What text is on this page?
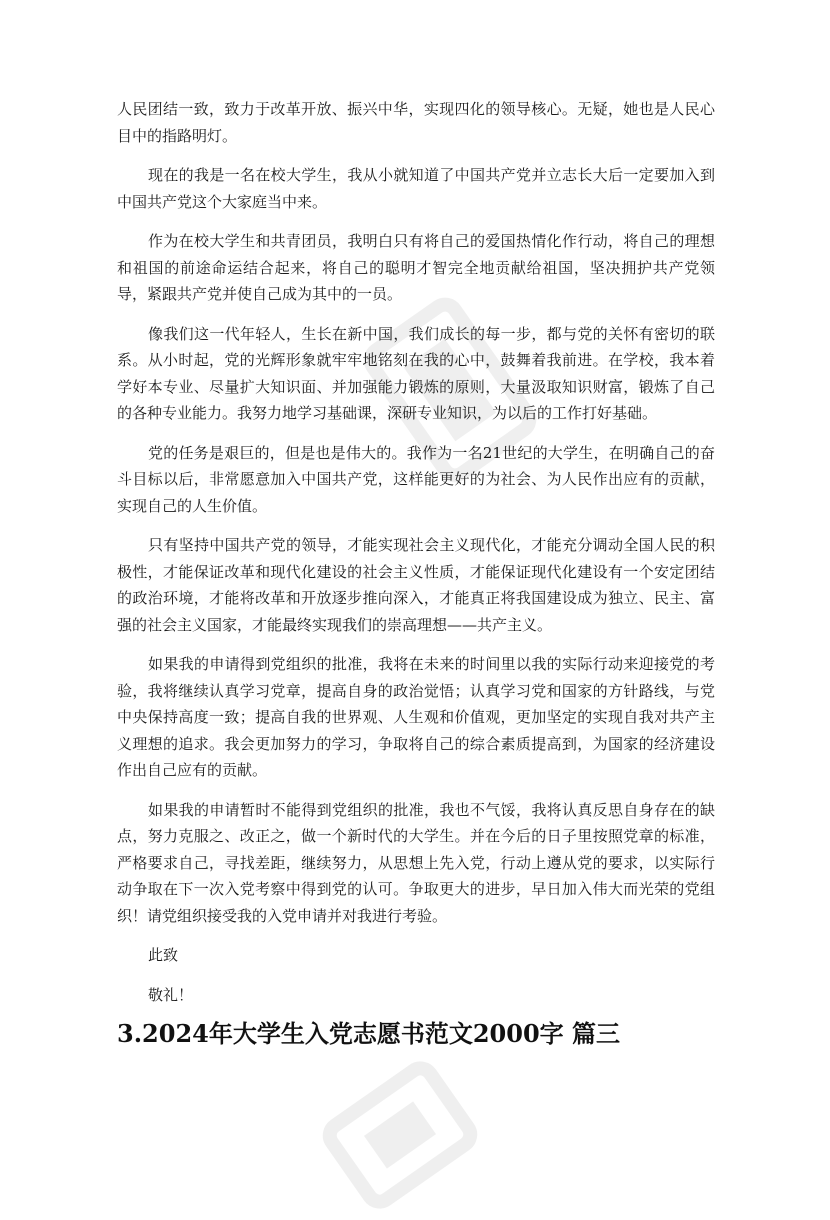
人民团结一致，致力于改革开放、振兴中华，实现四化的领导核心。无疑，她也是人民心目中的指路明灯。

现在的我是一名在校大学生，我从小就知道了中国共产党并立志长大后一定要加入到中国共产党这个大家庭当中来。

作为在校大学生和共青团员，我明白只有将自己的爱国热情化作行动，将自己的理想和祖国的前途命运结合起来，将自己的聪明才智完全地贡献给祖国，坚决拥护共产党领导，紧跟共产党并使自己成为其中的一员。

像我们这一代年轻人，生长在新中国，我们成长的每一步，都与党的关怀有密切的联系。从小时起，党的光辉形象就牢牢地铭刻在我的心中，鼓舞着我前进。在学校，我本着学好本专业、尽量扩大知识面、并加强能力锻炼的原则，大量汲取知识财富，锻炼了自己的各种专业能力。我努力地学习基础课，深研专业知识，为以后的工作打好基础。

党的任务是艰巨的，但是也是伟大的。我作为一名21世纪的大学生，在明确自己的奋斗目标以后，非常愿意加入中国共产党，这样能更好的为社会、为人民作出应有的贡献，实现自己的人生价值。

只有坚持中国共产党的领导，才能实现社会主义现代化，才能充分调动全国人民的积极性，才能保证改革和现代化建设的社会主义性质，才能保证现代化建设有一个安定团结的政治环境，才能将改革和开放逐步推向深入，才能真正将我国建设成为独立、民主、富强的社会主义国家，才能最终实现我们的崇高理想——共产主义。

如果我的申请得到党组织的批准，我将在未来的时间里以我的实际行动来迎接党的考验，我将继续认真学习党章，提高自身的政治觉悟；认真学习党和国家的方针路线，与党中央保持高度一致；提高自我的世界观、人生观和价值观，更加坚定的实现自我对共产主义理想的追求。我会更加努力的学习，争取将自己的综合素质提高到，为国家的经济建设作出自己应有的贡献。

如果我的申请暂时不能得到党组织的批准，我也不气馁，我将认真反思自身存在的缺点，努力克服之、改正之，做一个新时代的大学生。并在今后的日子里按照党章的标准，严格要求自己，寻找差距，继续努力，从思想上先入党，行动上遵从党的要求，以实际行动争取在下一次入党考察中得到党的认可。争取更大的进步，早日加入伟大而光荣的党组织！请党组织接受我的入党申请并对我进行考验。

此致

敬礼！

3.2024年大学生入党志愿书范文2000字 篇三
